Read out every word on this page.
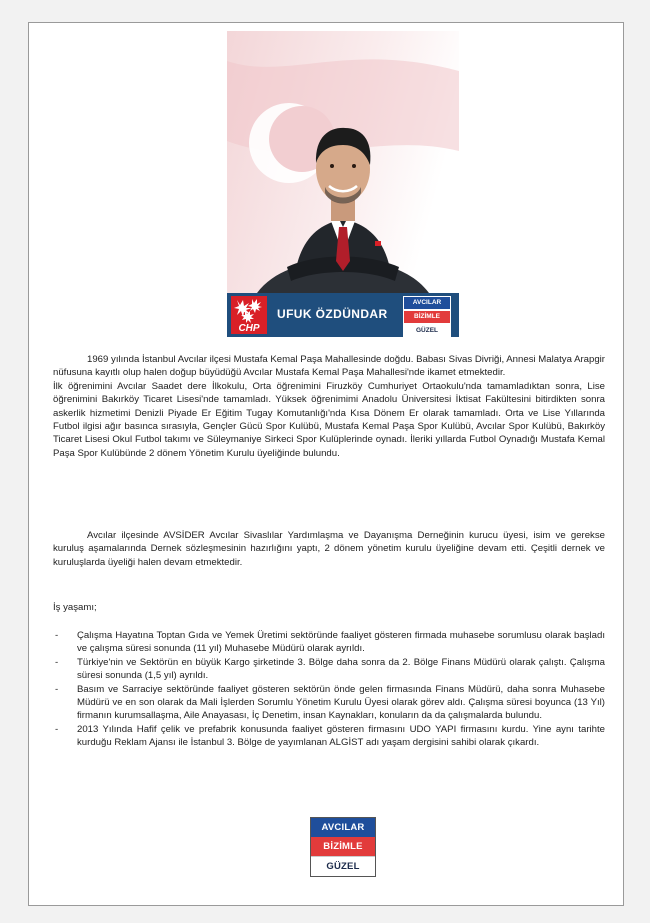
CHP
UFUK ÖZDÜNDAR
AVCILAR
BİZİMLE
GÜZEL

1969 yılında İstanbul Avcılar ilçesi Mustafa Kemal Paşa Mahallesinde doğdu. Babası Sivas Divriği, Annesi Malatya Arapgir nüfusuna kayıtlı olup halen doğup büyüdüğü Avcılar Mustafa Kemal Paşa Mahallesi'nde ikamet etmektedir.

İlk öğrenimini Avcılar Saadet dere İlkokulu, Orta öğrenimini Firuzköy Cumhuriyet Ortaokulu'nda tamamladıktan sonra, Lise öğrenimini Bakırköy Ticaret Lisesi'nde tamamladı. Yüksek öğrenimimi Anadolu Üniversitesi İktisat Fakültesini bitirdikten sonra askerlik hizmetimi Denizli Piyade Er Eğitim Tugay Komutanlığı'nda Kısa Dönem Er olarak tamamladı. Orta ve Lise Yıllarında Futbol ilgisi ağır basınca sırasıyla, Gençler Gücü Spor Kulübü, Mustafa Kemal Paşa Spor Kulübü, Avcılar Spor Kulübü, Bakırköy Ticaret Lisesi Okul Futbol takımı ve Süleymaniye Sirkeci Spor Kulüplerinde oynadı. İleriki yıllarda Futbol Oynadığı Mustafa Kemal Paşa Spor Kulübünde 2 dönem Yönetim Kurulu üyeliğinde bulundu.

Avcılar ilçesinde AVSİDER Avcılar Sivaslılar Yardımlaşma ve Dayanışma Derneğinin kurucu üyesi, isim ve gerekse kuruluş aşamalarında Dernek sözleşmesinin hazırlığını yaptı, 2 dönem yönetim kurulu üyeliğine devam etti. Çeşitli dernek ve kuruluşlarda üyeliği halen devam etmektedir.

İş yaşamı;

- Çalışma Hayatına Toptan Gıda ve Yemek Üretimi sektöründe faaliyet gösteren firmada muhasebe sorumlusu olarak başladı ve çalışma süresi sonunda (11 yıl) Muhasebe Müdürü olarak ayrıldı.
- Türkiye'nin ve Sektörün en büyük Kargo şirketinde 3. Bölge daha sonra da 2. Bölge Finans Müdürü olarak çalıştı. Çalışma süresi sonunda (1,5 yıl) ayrıldı.
- Basım ve Sarraciye sektöründe faaliyet gösteren sektörün önde gelen firmasında Finans Müdürü, daha sonra Muhasebe Müdürü ve en son olarak da Mali İşlerden Sorumlu Yönetim Kurulu Üyesi olarak görev aldı. Çalışma süresi boyunca (13 Yıl) firmanın kurumsallaşma, Aile Anayasası, İç Denetim, insan Kaynakları, konuların da da çalışmalarda bulundu.
- 2013 Yılında Hafif çelik ve prefabrik konusunda faaliyet gösteren firmasını UDO YAPI firmasını kurdu. Yine aynı tarihte kurduğu Reklam Ajansı ile İstanbul 3. Bölge de yayımlanan ALGİST adı yaşam dergisini sahibi olarak çıkardı.
AVCILAR
BİZİMLE
GÜZEL
